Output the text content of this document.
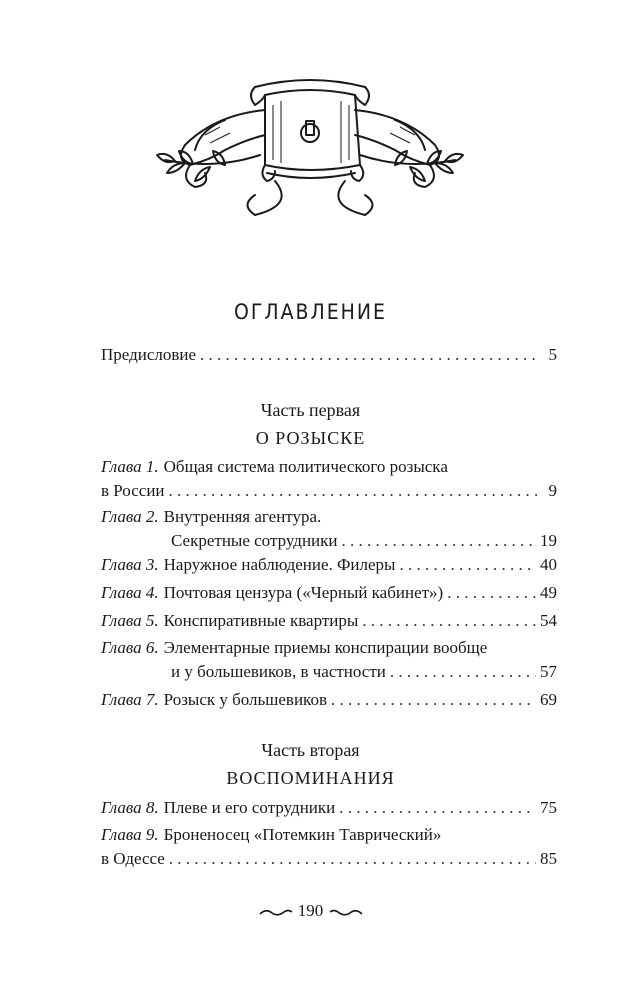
ОГЛАВЛЕНИЕ
Предисловие . . .	5
Часть первая
О РОЗЫСКЕ
Глава 1. Общая система политического розыска
в России . . .	9
Глава 2. Внутренняя агентура.
Секретные сотрудники . . .	19
Глава 3. Наружное наблюдение. Филеры . . .	40
Глава 4. Почтовая цензура («Черный кабинет») . . .	49
Глава 5. Конспиративные квартиры . . .	54
Глава 6. Элементарные приемы конспирации вообще
и у большевиков, в частности . . .	57
Глава 7. Розыск у большевиков . . .	69
Часть вторая
ВОСПОМИНАНИЯ
Глава 8. Плеве и его сотрудники . . .	75
Глава 9. Броненосец «Потемкин Таврический»
в Одессе . . .	85
190
